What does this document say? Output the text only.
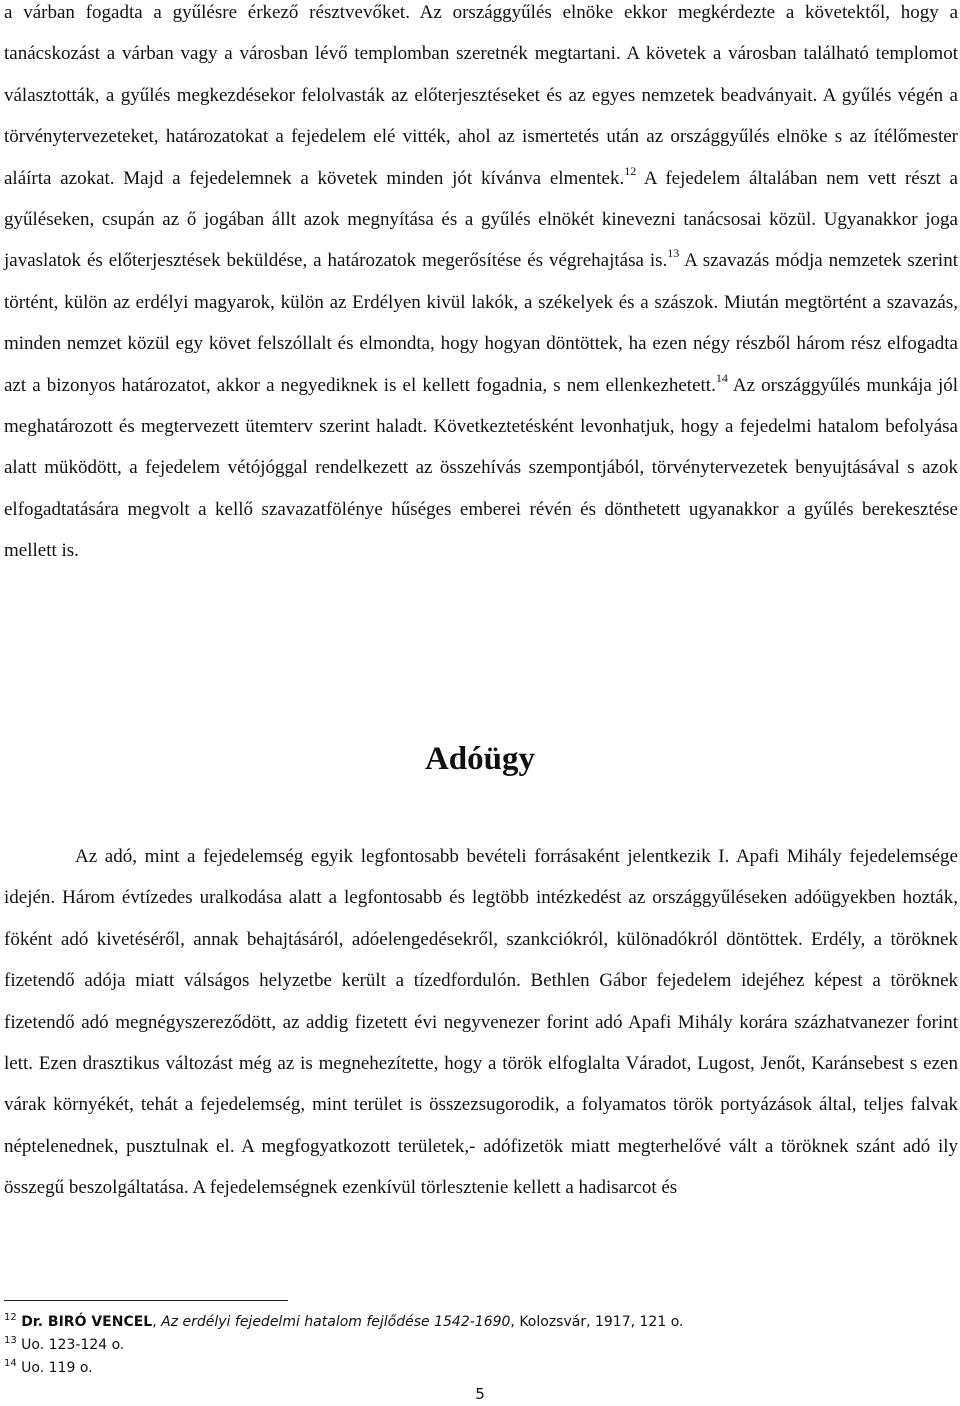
a várban fogadta a gyűlésre érkező résztvevőket. Az országgyűlés elnöke ekkor megkérdezte a követektől, hogy a tanácskozást a várban vagy a városban lévő templomban szeretnék megtartani. A követek a városban található templomot választották, a gyűlés megkezdésekor felolvasták az előterjesztéseket és az egyes nemzetek beadványait. A gyűlés végén a törvénytervezeteket, határozatokat a fejedelem elé vitték, ahol az ismertetés után az országgyűlés elnöke s az ítélőmester aláírta azokat. Majd a fejedelemnek a követek minden jót kívánva elmentek.$^{12}$ A fejedelem általában nem vett részt a gyűléseken, csupán az ő jogában állt azok megnyítása és a gyűlés elnökét kinevezni tanácsosai közül. Ugyanakkor joga javaslatok és előterjesztések beküldése, a határozatok megerősítése és végrehajtása is.$^{13}$ A szavazás módja nemzetek szerint történt, külön az erdélyi magyarok, külön az Erdélyen kivül lakók, a székelyek és a szászok. Miután megtörtént a szavazás, minden nemzet közül egy követ felszóllalt és elmondta, hogy hogyan döntöttek, ha ezen négy részből három rész elfogadta azt a bizonyos határozatot, akkor a negyediknek is el kellett fogadnia, s nem ellenkezhetett.$^{14}$ Az országgyűlés munkája jól meghatározott és megtervezett ütemterv szerint haladt. Következtetésként levonhatjuk, hogy a fejedelmi hatalom befolyása alatt müködött, a fejedelem vétójóggal rendelkezett az összehívás szempontjából, törvénytervezetek benyujtásával s azok elfogadtatására megvolt a kellő szavazatfölénye hűséges emberei révén és dönthetett ugyanakkor a gyűlés berekesztése mellett is.

Adóügy

Az adó, mint a fejedelemség egyik legfontosabb bevételi forrásaként jelentkezik I. Apafi Mihály fejedelemsége idején. Három évtízedes uralkodása alatt a legfontosabb és legtöbb intézkedést az országgyűléseken adóügyekben hozták, föként adó kivetéséről, annak behajtásáról, adóelengedésekről, szankciókról, különadókról döntöttek. Erdély, a töröknek fizetendő adója miatt válságos helyzetbe került a tízedfordulón. Bethlen Gábor fejedelem idejéhez képest a töröknek fizetendő adó megnégyszereződött, az addig fizetett évi negyvenezer forint adó Apafi Mihály korára százhatvanezer forint lett. Ezen drasztikus változást még az is megnehezítette, hogy a török elfoglalta Váradot, Lugost, Jenőt, Karánsebest s ezen várak környékét, tehát a fejedelemség, mint terület is összezsugorodik, a folyamatos török portyázások által, teljes falvak néptelenednek, pusztulnak el. A megfogyatkozott területek,- adófizetök miatt megterhelővé vált a töröknek szánt adó ily összegű beszolgáltatása. A fejedelemségnek ezenkívül törlesztenie kellett a hadisarcot és

$^{12}$ Dr. BIRÓ VENCEL, Az erdélyi fejedelmi hatalom fejlődése 1542-1690, Kolozsvár, 1917, 121 o.
$^{13}$ Uo. 123-124 o.
$^{14}$ Uo. 119 o.
5
